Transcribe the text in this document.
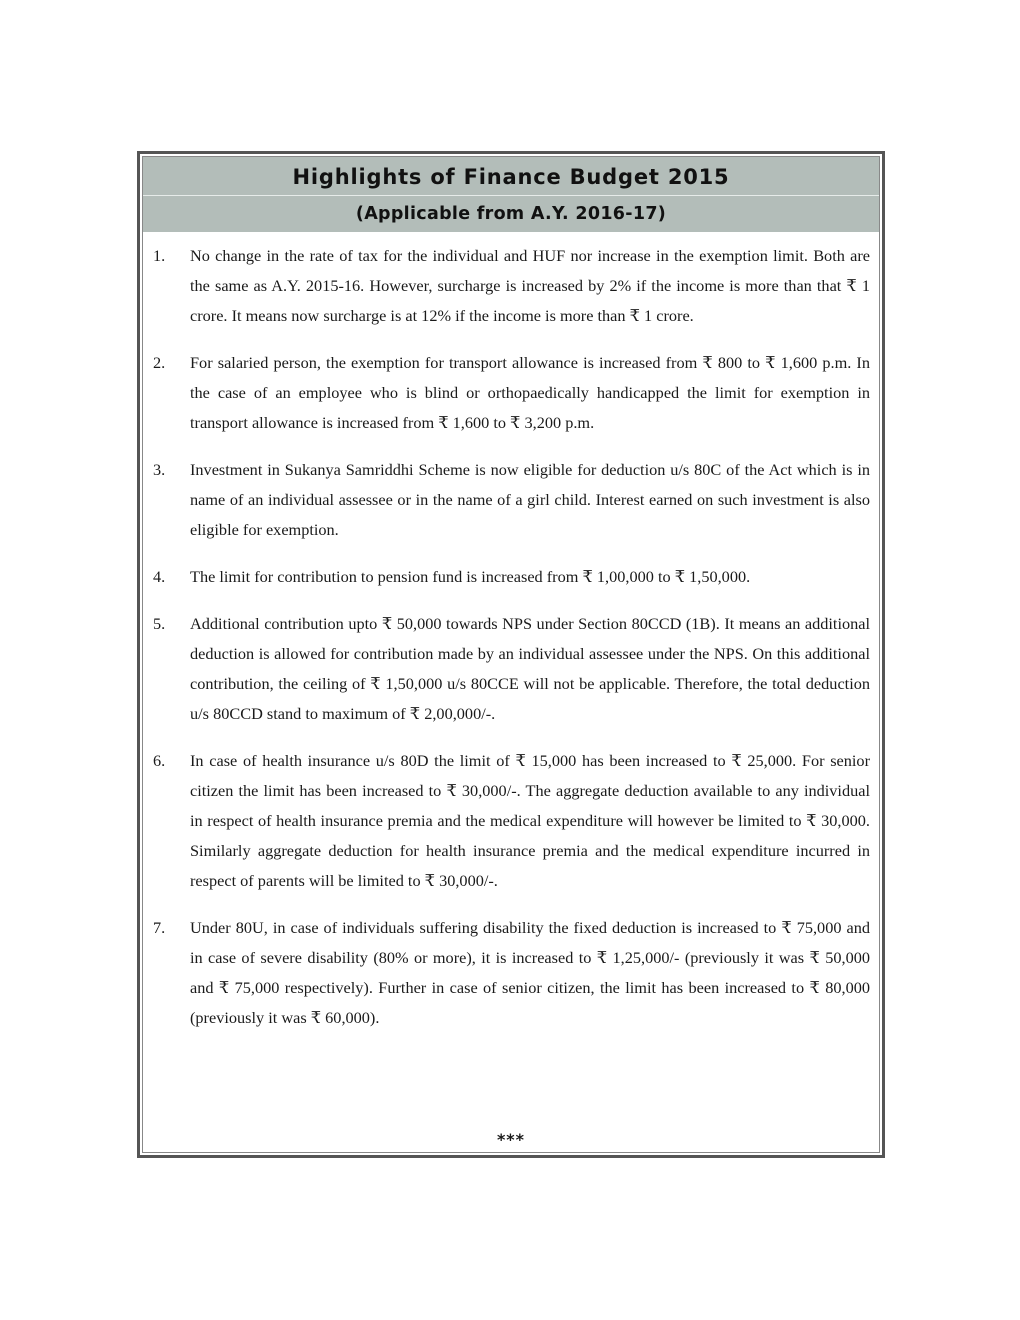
Highlights of Finance Budget 2015
(Applicable from A.Y. 2016-17)
1. No change in the rate of tax for the individual and HUF nor increase in the exemption limit. Both are the same as A.Y. 2015-16. However, surcharge is increased by 2% if the income is more than that ₹ 1 crore. It means now surcharge is at 12% if the income is more than ₹ 1 crore.
2. For salaried person, the exemption for transport allowance is increased from ₹ 800 to ₹ 1,600 p.m. In the case of an employee who is blind or orthopaedically handicapped the limit for exemption in transport allowance is increased from ₹ 1,600 to ₹ 3,200 p.m.
3. Investment in Sukanya Samriddhi Scheme is now eligible for deduction u/s 80C of the Act which is in name of an individual assessee or in the name of a girl child. Interest earned on such investment is also eligible for exemption.
4. The limit for contribution to pension fund is increased from ₹ 1,00,000 to ₹ 1,50,000.
5. Additional contribution upto ₹ 50,000 towards NPS under Section 80CCD (1B). It means an additional deduction is allowed for contribution made by an individual assessee under the NPS. On this additional contribution, the ceiling of ₹ 1,50,000 u/s 80CCE will not be applicable. Therefore, the total deduction u/s 80CCD stand to maximum of ₹ 2,00,000/-.
6. In case of health insurance u/s 80D the limit of ₹ 15,000 has been increased to ₹ 25,000. For senior citizen the limit has been increased to ₹ 30,000/-. The aggregate deduction available to any individual in respect of health insurance premia and the medical expenditure will however be limited to ₹ 30,000. Similarly aggregate deduction for health insurance premia and the medical expenditure incurred in respect of parents will be limited to ₹ 30,000/-.
7. Under 80U, in case of individuals suffering disability the fixed deduction is increased to ₹ 75,000 and in case of severe disability (80% or more), it is increased to ₹ 1,25,000/- (previously it was ₹ 50,000 and ₹ 75,000 respectively). Further in case of senior citizen, the limit has been increased to ₹ 80,000 (previously it was ₹ 60,000).
***
